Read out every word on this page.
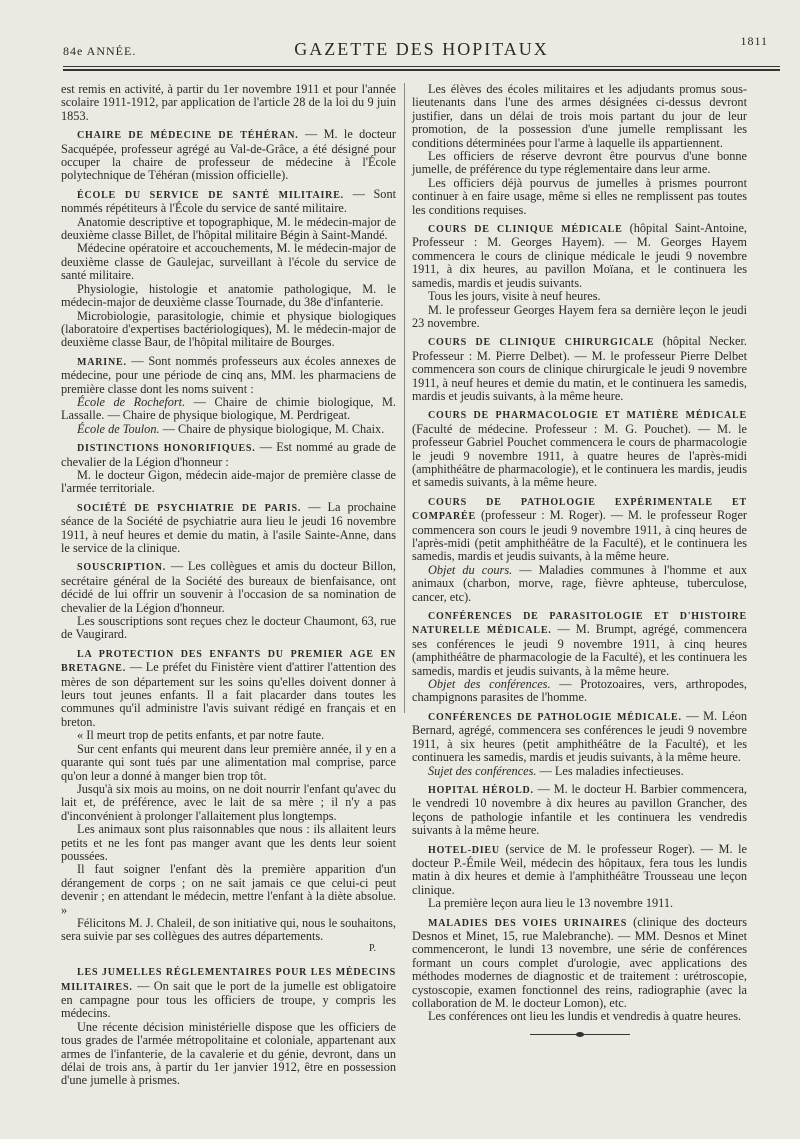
84e ANNÉE.	GAZETTE DES HOPITAUX	1811

est remis en activité, à partir du 1er novembre 1911 et pour l'année scolaire 1911-1912, par application de l'article 28 de la loi du 9 juin 1853.

CHAIRE DE MÉDECINE DE TÉHÉRAN. — M. le docteur Sacquépée, professeur agrégé au Val-de-Grâce, a été désigné pour occuper la chaire de professeur de médecine à l'École polytechnique de Téhéran (mission officielle).

ÉCOLE DU SERVICE DE SANTÉ MILITAIRE. — Sont nommés répétiteurs à l'École du service de santé militaire.

Anatomie descriptive et topographique, M. le médecin-major de deuxième classe Billet, de l'hôpital militaire Bégin à Saint-Mandé.

Médecine opératoire et accouchements, M. le médecin-major de deuxième classe de Gaulejac, surveillant à l'école du service de santé militaire.

Physiologie, histologie et anatomie pathologique, M. le médecin-major de deuxième classe Tournade, du 38e d'infanterie.

Microbiologie, parasitologie, chimie et physique biologiques (laboratoire d'expertises bactériologiques), M. le médecin-major de deuxième classe Baur, de l'hôpital militaire de Bourges.

MARINE. — Sont nommés professeurs aux écoles annexes de médecine, pour une période de cinq ans, MM. les pharmaciens de première classe dont les noms suivent :

École de Rochefort. — Chaire de chimie biologique, M. Lassalle. — Chaire de physique biologique, M. Perdrigeat.

École de Toulon. — Chaire de physique biologique, M. Chaix.

DISTINCTIONS HONORIFIQUES. — Est nommé au grade de chevalier de la Légion d'honneur :

M. le docteur Gigon, médecin aide-major de première classe de l'armée territoriale.

SOCIÉTÉ DE PSYCHIATRIE DE PARIS. — La prochaine séance de la Société de psychiatrie aura lieu le jeudi 16 novembre 1911, à neuf heures et demie du matin, à l'asile Sainte-Anne, dans le service de la clinique.

SOUSCRIPTION. — Les collègues et amis du docteur Billon, secrétaire général de la Société des bureaux de bienfaisance, ont décidé de lui offrir un souvenir à l'occasion de sa nomination de chevalier de la Légion d'honneur.

Les souscriptions sont reçues chez le docteur Chaumont, 63, rue de Vaugirard.

LA PROTECTION DES ENFANTS DU PREMIER AGE EN BRETAGNE. — Le préfet du Finistère vient d'attirer l'attention des mères de son département sur les soins qu'elles doivent donner à leurs tout jeunes enfants. Il a fait placarder dans toutes les communes qu'il administre l'avis suivant rédigé en français et en breton.

« Il meurt trop de petits enfants, et par notre faute.

Sur cent enfants qui meurent dans leur première année, il y en a quarante qui sont tués par une alimentation mal comprise, parce qu'on leur a donné à manger bien trop tôt.

Jusqu'à six mois au moins, on ne doit nourrir l'enfant qu'avec du lait et, de préférence, avec le lait de sa mère ; il n'y a pas d'inconvénient à prolonger l'allaitement plus longtemps.

Les animaux sont plus raisonnables que nous : ils allaitent leurs petits et ne les font pas manger avant que les dents leur soient poussées.

Il faut soigner l'enfant dès la première apparition d'un dérangement de corps ; on ne sait jamais ce que celui-ci peut devenir ; en attendant le médecin, mettre l'enfant à la diète absolue. »

Félicitons M. J. Chaleil, de son initiative qui, nous le souhaitons, sera suivie par ses collègues des autres départements.

P.

LES JUMELLES RÉGLEMENTAIRES POUR LES MÉDECINS MILITAIRES. — On sait que le port de la jumelle est obligatoire en campagne pour tous les officiers de troupe, y compris les médecins.

Une récente décision ministérielle dispose que les officiers de tous grades de l'armée métropolitaine et coloniale, appartenant aux armes de l'infanterie, de la cavalerie et du génie, devront, dans un délai de trois ans, à partir du 1er janvier 1912, être en possession d'une jumelle à prismes.

Les élèves des écoles militaires et les adjudants promus sous-lieutenants dans l'une des armes désignées ci-dessus devront justifier, dans un délai de trois mois partant du jour de leur promotion, de la possession d'une jumelle remplissant les conditions déterminées pour l'arme à laquelle ils appartiennent.

Les officiers de réserve devront être pourvus d'une bonne jumelle, de préférence du type réglementaire dans leur arme.

Les officiers déjà pourvus de jumelles à prismes pourront continuer à en faire usage, même si elles ne remplissent pas toutes les conditions requises.

COURS DE CLINIQUE MÉDICALE (hôpital Saint-Antoine, Professeur : M. Georges Hayem). — M. Georges Hayem commencera le cours de clinique médicale le jeudi 9 novembre 1911, à dix heures, au pavillon Moïana, et le continuera les samedis, mardis et jeudis suivants.

Tous les jours, visite à neuf heures.

M. le professeur Georges Hayem fera sa dernière leçon le jeudi 23 novembre.

COURS DE CLINIQUE CHIRURGICALE (hôpital Necker. Professeur : M. Pierre Delbet). — M. le professeur Pierre Delbet commencera son cours de clinique chirurgicale le jeudi 9 novembre 1911, à neuf heures et demie du matin, et le continuera les samedis, mardis et jeudis suivants, à la même heure.

COURS DE PHARMACOLOGIE ET MATIÈRE MÉDICALE (Faculté de médecine. Professeur : M. G. Pouchet). — M. le professeur Gabriel Pouchet commencera le cours de pharmacologie le jeudi 9 novembre 1911, à quatre heures de l'après-midi (amphithéâtre de pharmacologie), et le continuera les mardis, jeudis et samedis suivants, à la même heure.

COURS DE PATHOLOGIE EXPÉRIMENTALE ET COMPARÉE (professeur : M. Roger). — M. le professeur Roger commencera son cours le jeudi 9 novembre 1911, à cinq heures de l'après-midi (petit amphithéâtre de la Faculté), et le continuera les samedis, mardis et jeudis suivants, à la même heure.

Objet du cours. — Maladies communes à l'homme et aux animaux (charbon, morve, rage, fièvre aphteuse, tuberculose, cancer, etc).

CONFÉRENCES DE PARASITOLOGIE ET D'HISTOIRE NATURELLE MÉDICALE. — M. Brumpt, agrégé, commencera ses conférences le jeudi 9 novembre 1911, à cinq heures (amphithéâtre de pharmacologie de la Faculté), et les continuera les samedis, mardis et jeudis suivants, à la même heure.

Objet des conférences. — Protozoaires, vers, arthropodes, champignons parasites de l'homme.

CONFÉRENCES DE PATHOLOGIE MÉDICALE. — M. Léon Bernard, agrégé, commencera ses conférences le jeudi 9 novembre 1911, à six heures (petit amphithéâtre de la Faculté), et les continuera les samedis, mardis et jeudis suivants, à la même heure.

Sujet des conférences. — Les maladies infectieuses.

HOPITAL HÉROLD. — M. le docteur H. Barbier commencera, le vendredi 10 novembre à dix heures au pavillon Grancher, des leçons de pathologie infantile et les continuera les vendredis suivants à la même heure.

HOTEL-DIEU (service de M. le professeur Roger). — M. le docteur P.-Émile Weil, médecin des hôpitaux, fera tous les lundis matin à dix heures et demie à l'amphithéâtre Trousseau une leçon clinique.

La première leçon aura lieu le 13 novembre 1911.

MALADIES DES VOIES URINAIRES (clinique des docteurs Desnos et Minet, 15, rue Malebranche). — MM. Desnos et Minet commenceront, le lundi 13 novembre, une série de conférences formant un cours complet d'urologie, avec applications des méthodes modernes de diagnostic et de traitement : urétroscopie, cystoscopie, examen fonctionnel des reins, radiographie (avec la collaboration de M. le docteur Lomon), etc.

Les conférences ont lieu les lundis et vendredis à quatre heures.
